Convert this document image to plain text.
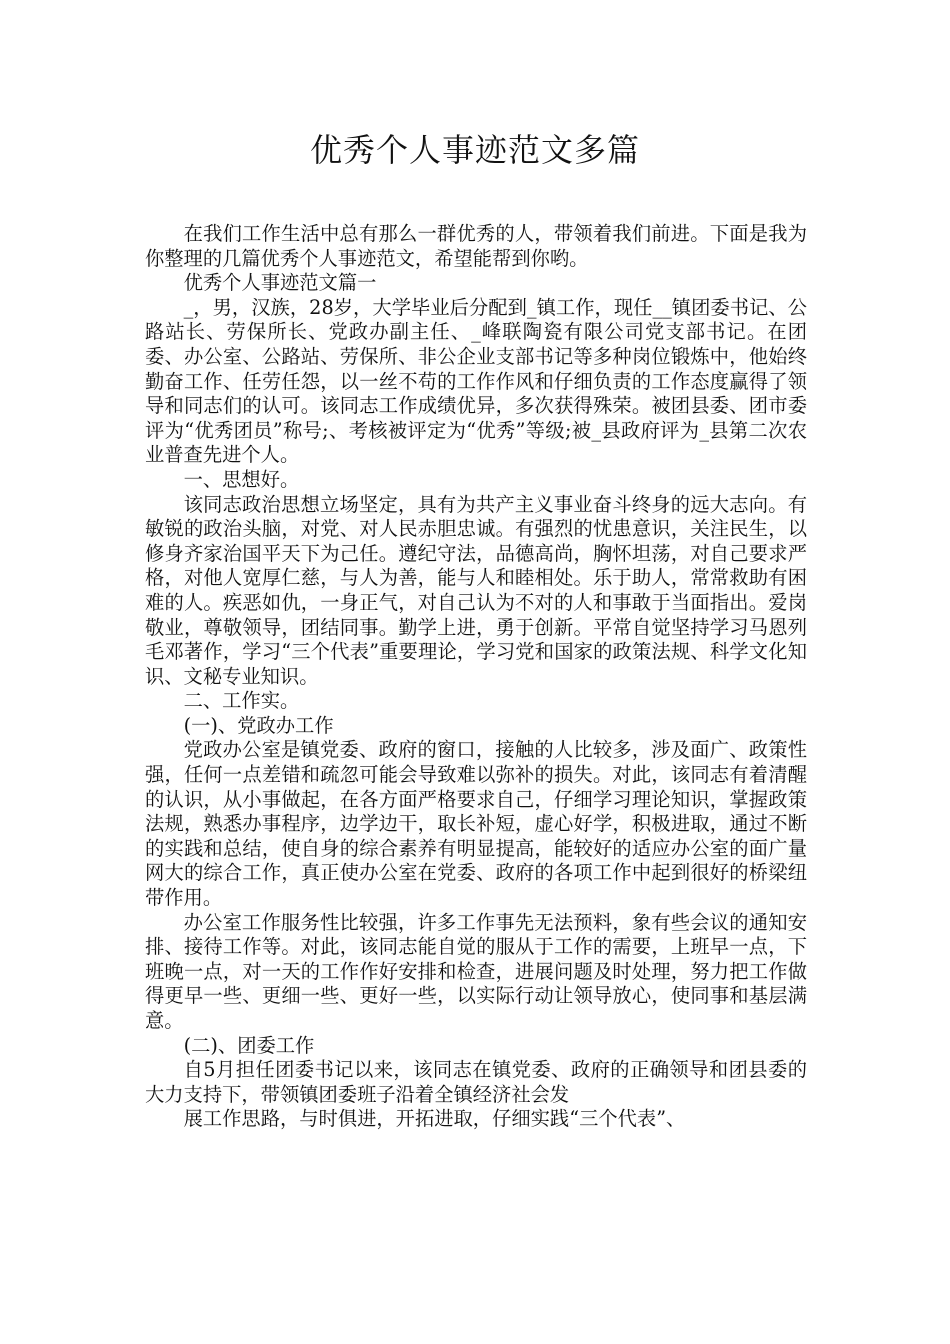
优秀个人事迹范文多篇

在我们工作生活中总有那么一群优秀的人，带领着我们前进。下面是我为你整理的几篇优秀个人事迹范文，希望能帮到你哟。

优秀个人事迹范文篇一

_，男，汉族，28岁，大学毕业后分配到_镇工作，现任__镇团委书记、公路站长、劳保所长、党政办副主任、_峰联陶瓷有限公司党支部书记。在团委、办公室、公路站、劳保所、非公企业支部书记等多种岗位锻炼中，他始终勤奋工作、任劳任怨，以一丝不苟的工作作风和仔细负责的工作态度赢得了领导和同志们的认可。该同志工作成绩优异，多次获得殊荣。被团县委、团市委评为“优秀团员”称号;、考核被评定为“优秀”等级;被_县政府评为_县第二次农业普查先进个人。

一、思想好。

该同志政治思想立场坚定，具有为共产主义事业奋斗终身的远大志向。有敏锐的政治头脑，对党、对人民赤胆忠诚。有强烈的忧患意识，关注民生，以修身齐家治国平天下为己任。遵纪守法，品德高尚，胸怀坦荡，对自己要求严格，对他人宽厚仁慈，与人为善，能与人和睦相处。乐于助人，常常救助有困难的人。疾恶如仇，一身正气，对自己认为不对的人和事敢于当面指出。爱岗敬业，尊敬领导，团结同事。勤学上进，勇于创新。平常自觉坚持学习马恩列毛邓著作，学习“三个代表”重要理论，学习党和国家的政策法规、科学文化知识、文秘专业知识。

二、工作实。

(一)、党政办工作

党政办公室是镇党委、政府的窗口，接触的人比较多，涉及面广、政策性强，任何一点差错和疏忽可能会导致难以弥补的损失。对此，该同志有着清醒的认识，从小事做起，在各方面严格要求自己，仔细学习理论知识，掌握政策法规，熟悉办事程序，边学边干，取长补短，虚心好学，积极进取，通过不断的实践和总结，使自身的综合素养有明显提高，能较好的适应办公室的面广量网大的综合工作，真正使办公室在党委、政府的各项工作中起到很好的桥梁纽带作用。

办公室工作服务性比较强，许多工作事先无法预料，象有些会议的通知安排、接待工作等。对此，该同志能自觉的服从于工作的需要，上班早一点，下班晚一点，对一天的工作作好安排和检查，进展问题及时处理，努力把工作做得更早一些、更细一些、更好一些，以实际行动让领导放心，使同事和基层满意。

(二)、团委工作

自5月担任团委书记以来，该同志在镇党委、政府的正确领导和团县委的大力支持下，带领镇团委班子沿着全镇经济社会发

展工作思路，与时俱进，开拓进取，仔细实践“三个代表”、
